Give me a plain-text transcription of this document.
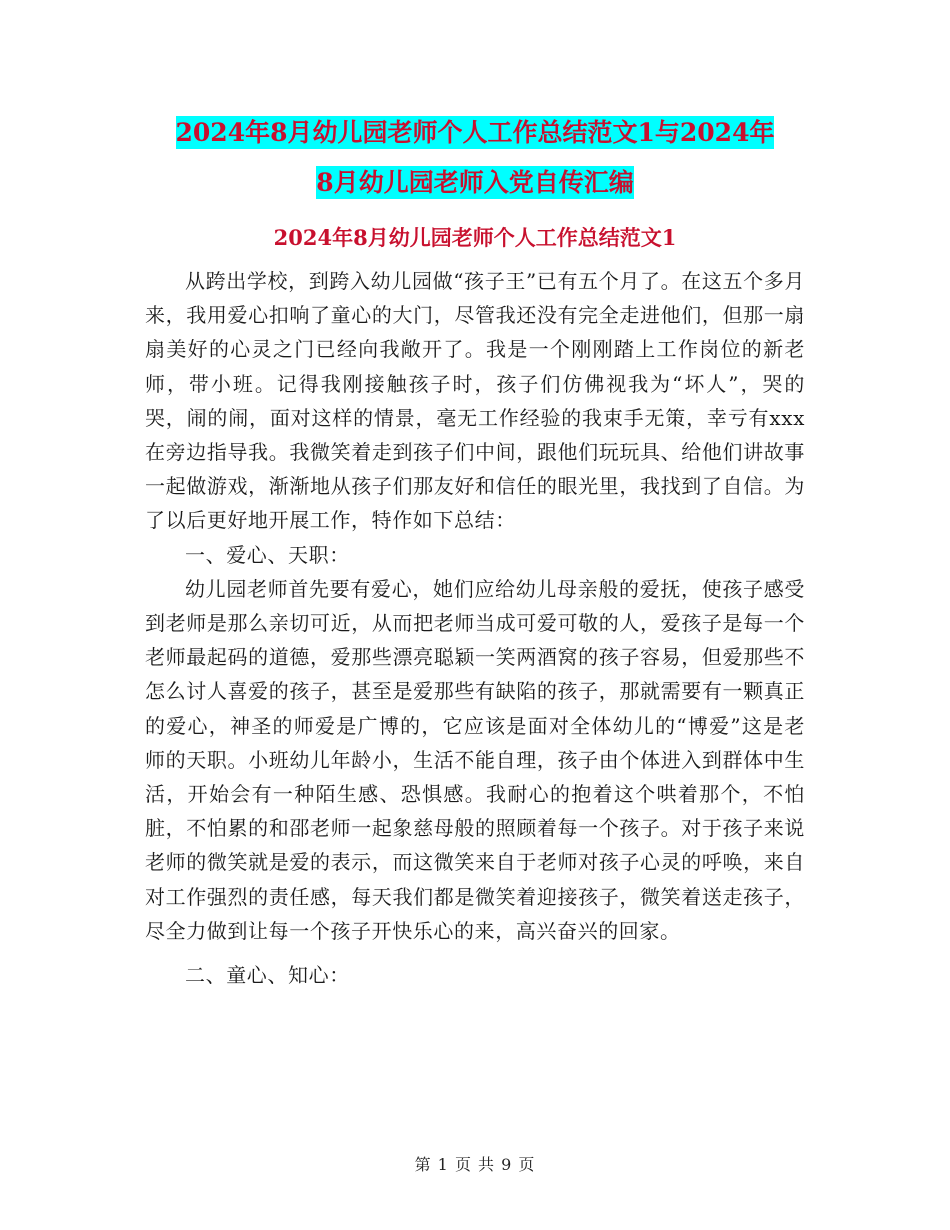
2024年8月幼儿园老师个人工作总结范文1与2024年
8月幼儿园老师入党自传汇编
2024年8月幼儿园老师个人工作总结范文1

从跨出学校，到跨入幼儿园做“孩子王”已有五个月了。在这五个多月来，我用爱心扣响了童心的大门，尽管我还没有完全走进他们，但那一扇扇美好的心灵之门已经向我敞开了。我是一个刚刚踏上工作岗位的新老师，带小班。记得我刚接触孩子时，孩子们仿佛视我为“坏人”，哭的哭，闹的闹，面对这样的情景，毫无工作经验的我束手无策，幸亏有xxx在旁边指导我。我微笑着走到孩子们中间，跟他们玩玩具、给他们讲故事一起做游戏，渐渐地从孩子们那友好和信任的眼光里，我找到了自信。为了以后更好地开展工作，特作如下总结：

一、爱心、天职：

幼儿园老师首先要有爱心，她们应给幼儿母亲般的爱抚，使孩子感受到老师是那么亲切可近，从而把老师当成可爱可敬的人，爱孩子是每一个老师最起码的道德，爱那些漂亮聪颖一笑两酒窝的孩子容易，但爱那些不怎么讨人喜爱的孩子，甚至是爱那些有缺陷的孩子，那就需要有一颗真正的爱心，神圣的师爱是广博的，它应该是面对全体幼儿的“博爱”这是老师的天职。小班幼儿年龄小，生活不能自理，孩子由个体进入到群体中生活，开始会有一种陌生感、恐惧感。我耐心的抱着这个哄着那个，不怕脏，不怕累的和邵老师一起象慈母般的照顾着每一个孩子。对于孩子来说老师的微笑就是爱的表示，而这微笑来自于老师对孩子心灵的呼唤，来自对工作强烈的责任感，每天我们都是微笑着迎接孩子，微笑着送走孩子，尽全力做到让每一个孩子开快乐心的来，高兴奋兴的回家。

二、童心、知心：

第 1 页 共 9 页
